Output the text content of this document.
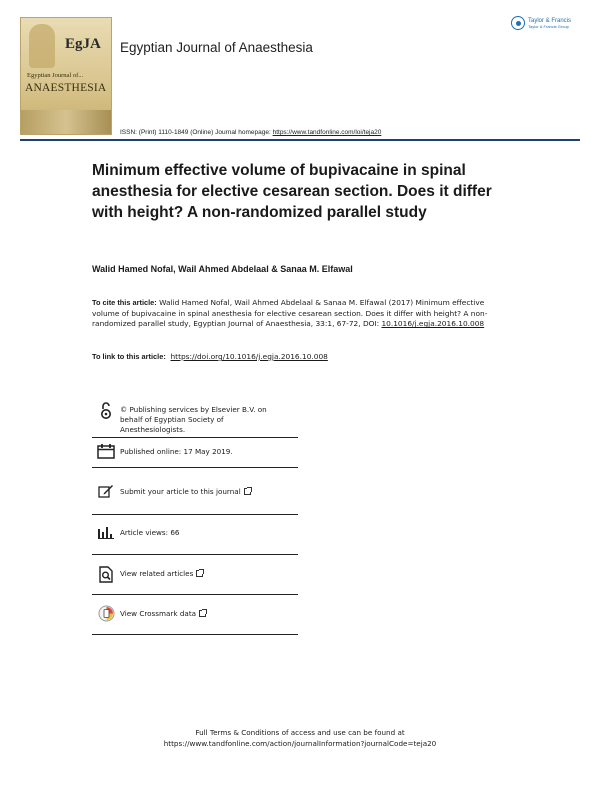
EgJA
Egyptian Journal of...
ANAESTHESIA
Egyptian Journal of Anaesthesia
Taylor & Francis
Taylor & Francis Group
ISSN: (Print) 1110-1849 (Online) Journal homepage: https://www.tandfonline.com/loi/teja20
Minimum effective volume of bupivacaine in spinal anesthesia for elective cesarean section. Does it differ with height? A non-randomized parallel study
Walid Hamed Nofal, Wail Ahmed Abdelaal & Sanaa M. Elfawal
To cite this article: Walid Hamed Nofal, Wail Ahmed Abdelaal & Sanaa M. Elfawal (2017) Minimum effective volume of bupivacaine in spinal anesthesia for elective cesarean section. Does it differ with height? A non-randomized parallel study, Egyptian Journal of Anaesthesia, 33:1, 67-72, DOI: 10.1016/j.egja.2016.10.008
To link to this article: https://doi.org/10.1016/j.egja.2016.10.008
© Publishing services by Elsevier B.V. on behalf of Egyptian Society of Anesthesiologists.
Published online: 17 May 2019.
Submit your article to this journal
Article views: 66
View related articles
View Crossmark data
Full Terms & Conditions of access and use can be found at
https://www.tandfonline.com/action/journalInformation?journalCode=teja20
